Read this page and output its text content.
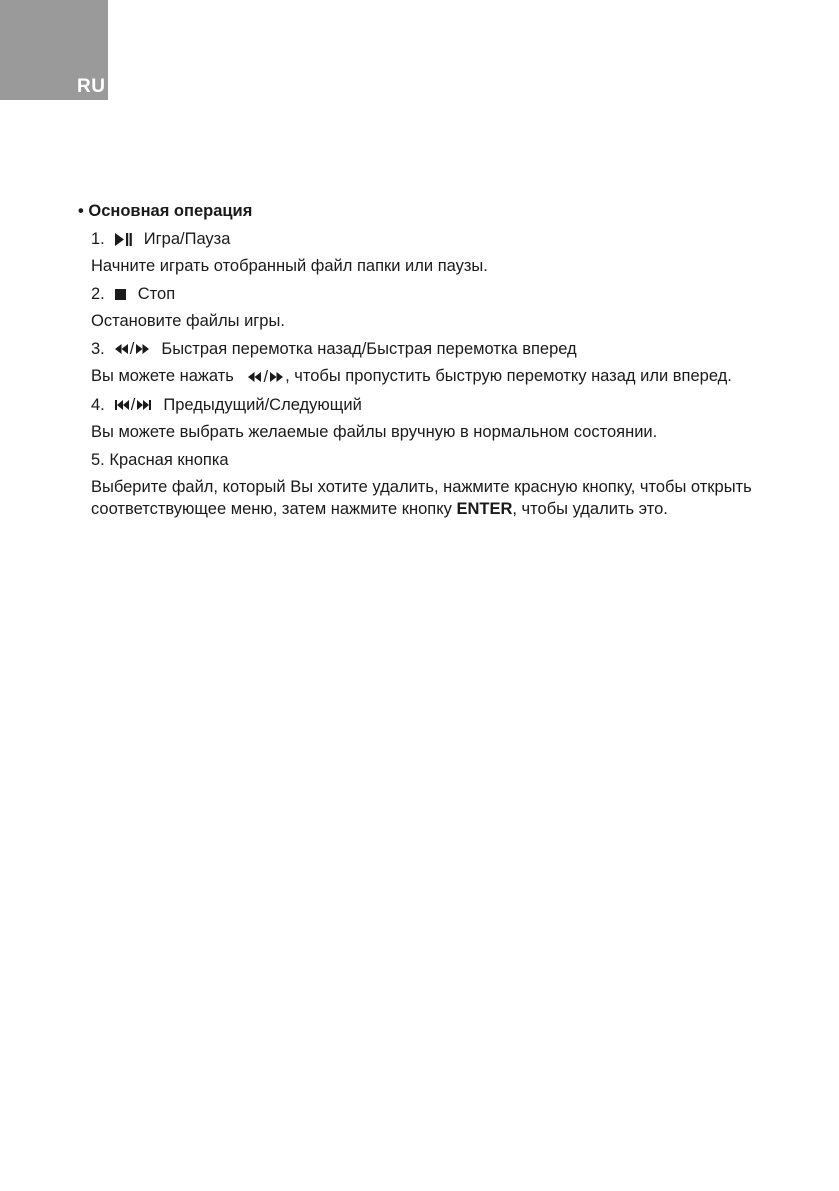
RU
• Основная операция
1. Игра/Пауза
Начните играть отобранный файл папки или паузы.
2. Стоп
Остановите файлы игры.
3. / Быстрая перемотка назад/Быстрая перемотка вперед
Вы можете нажать / , чтобы пропустить быструю перемотку назад или вперед.
4. / Предыдущий/Следующий
Вы можете выбрать желаемые файлы вручную в нормальном состоянии.
5.
Красная кнопка
Выберите файл, который Вы хотите удалить, нажмите красную кнопку, чтобы открыть соответствующее меню, затем нажмите кнопку ENTER, чтобы удалить это.
